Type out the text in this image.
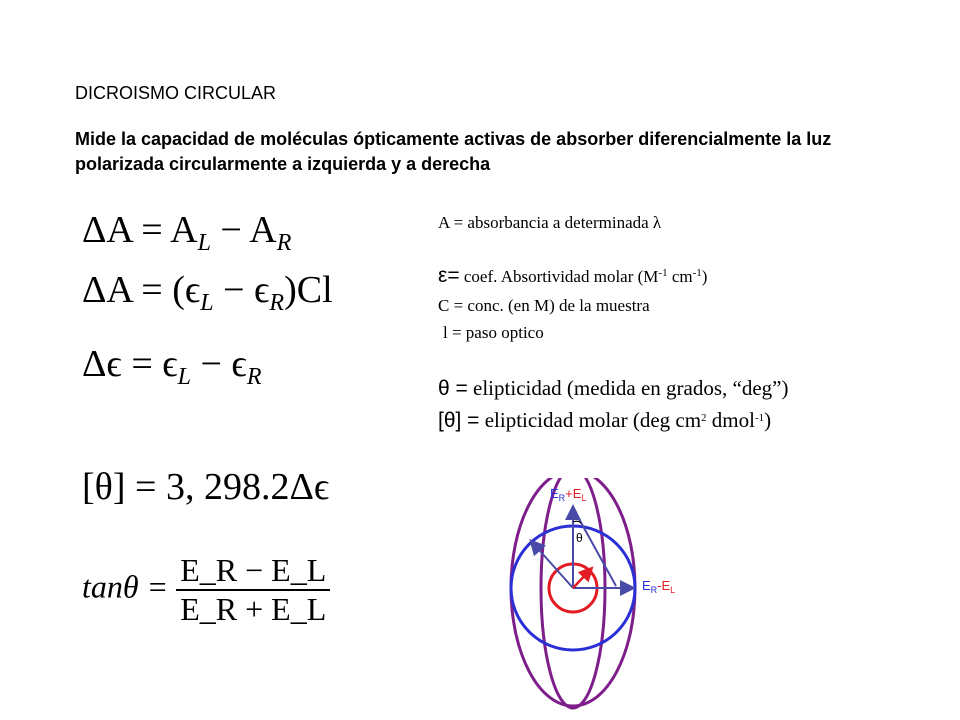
DICROISMO CIRCULAR
Mide la capacidad de moléculas ópticamente activas de absorber diferencialmente la luz polarizada circularmente a izquierda y a derecha
$\Delta A = A_L - A_R$
$\Delta A = (\epsilon_L - \epsilon_R)Cl$
$\Delta\epsilon = \epsilon_L - \epsilon_R$
[θ] = 3, 298.2Δϵ
$\tan\theta = \frac{E\_R - E\_L}{E\_R + E\_L}$
A = absorbancia a determinada λ
ε= coef. Absortividad molar ($M^{-1}$ $cm^{-1}$)
C = conc. (en M) de la muestra
l = paso optico
θ = elipticidad (medida en grados, “deg”)
[θ] = elipticidad molar (deg $cm^2$ dmol$^{-1}$)
$E_R+E_L$
$E_R-E_L$
θ
